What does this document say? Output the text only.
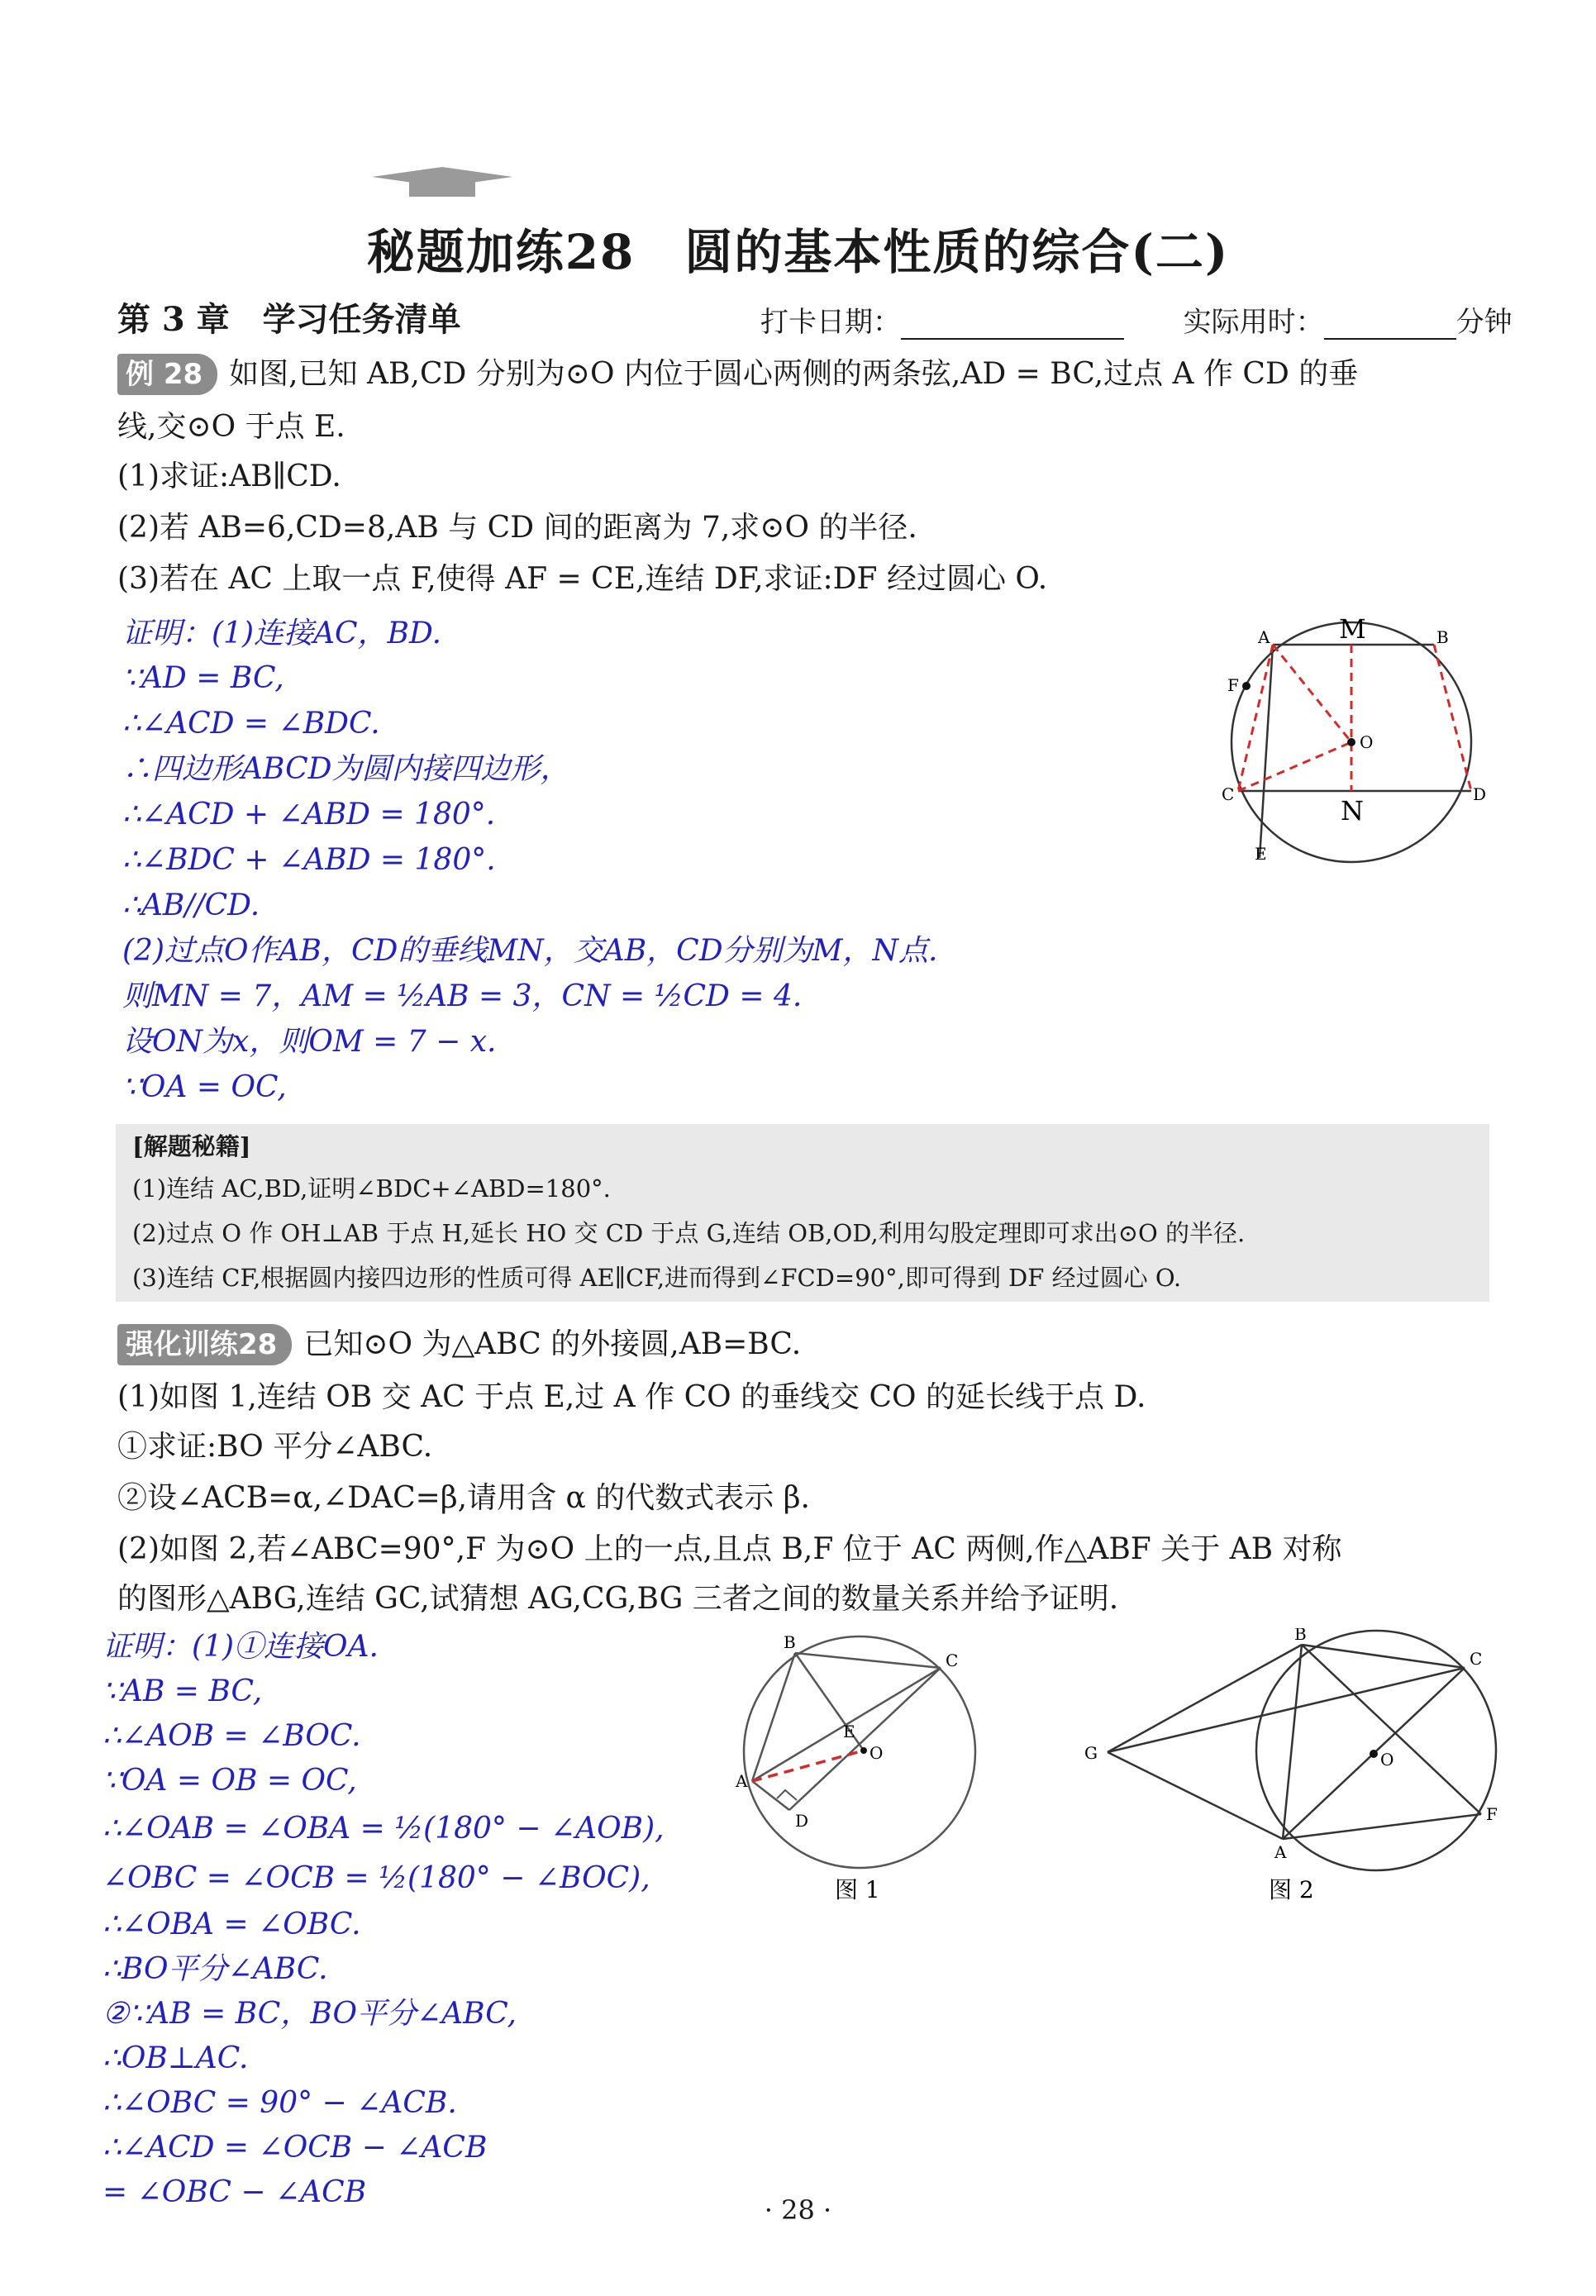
秘题加练28　圆的基本性质的综合(二)
第 3 章　学习任务清单	打卡日期：	实际用时：	分钟
例 28 如图,已知 AB,CD 分别为⊙O 内位于圆心两侧的两条弦,AD = BC,过点 A 作 CD 的垂
线,交⊙O 于点 E.
(1)求证:AB∥CD.
(2)若 AB=6,CD=8,AB 与 CD 间的距离为 7,求⊙O 的半径.
(3)若在 AC 上取一点 F,使得 AF = CE,连结 DF,求证:DF 经过圆心 O.
证明：(1)连接AC，BD.
∵AD = BC,
∴∠ACD = ∠BDC.
∴四边形ABCD为圆内接四边形，
∴∠ACD + ∠ABD = 180°.
∴∠BDC + ∠ABD = 180°.
∴AB//CD.
(2)过点O作AB，CD的垂线MN，交AB，CD分别为M，N点.
则MN = 7，AM = ½AB = 3，CN = ½CD = 4.
设ON为x，则OM = 7 − x.
∵OA = OC,
A	M	B
F
O
C
N
D
E
[解题秘籍]
(1)连结 AC,BD,证明∠BDC+∠ABD=180°.
(2)过点 O 作 OH⊥AB 于点 H,延长 HO 交 CD 于点 G,连结 OB,OD,利用勾股定理即可求出⊙O 的半径.
(3)连结 CF,根据圆内接四边形的性质可得 AE∥CF,进而得到∠FCD=90°,即可得到 DF 经过圆心 O.
强化训练28 已知⊙O 为△ABC 的外接圆,AB=BC.
(1)如图 1,连结 OB 交 AC 于点 E,过 A 作 CO 的垂线交 CO 的延长线于点 D.
①求证:BO 平分∠ABC.
②设∠ACB=α,∠DAC=β,请用含 α 的代数式表示 β.
(2)如图 2,若∠ABC=90°,F 为⊙O 上的一点,且点 B,F 位于 AC 两侧,作△ABF 关于 AB 对称
的图形△ABG,连结 GC,试猜想 AG,CG,BG 三者之间的数量关系并给予证明.
证明：(1)①连接OA.
∵AB = BC,
∴∠AOB = ∠BOC.
∵OA = OB = OC,
∴∠OAB = ∠OBA = ½(180° − ∠AOB),
∠OBC = ∠OCB = ½(180° − ∠BOC),
∴∠OBA = ∠OBC.
∴BO平分∠ABC.
②∵AB = BC，BO平分∠ABC,
∴OB⊥AC.
∴∠OBC = 90° − ∠ACB.
∴∠ACD = ∠OCB − ∠ACB
= ∠OBC − ∠ACB
B
C
E
O
A
D
图 1
B
C
G	O
F
A
图 2
· 28 ·
